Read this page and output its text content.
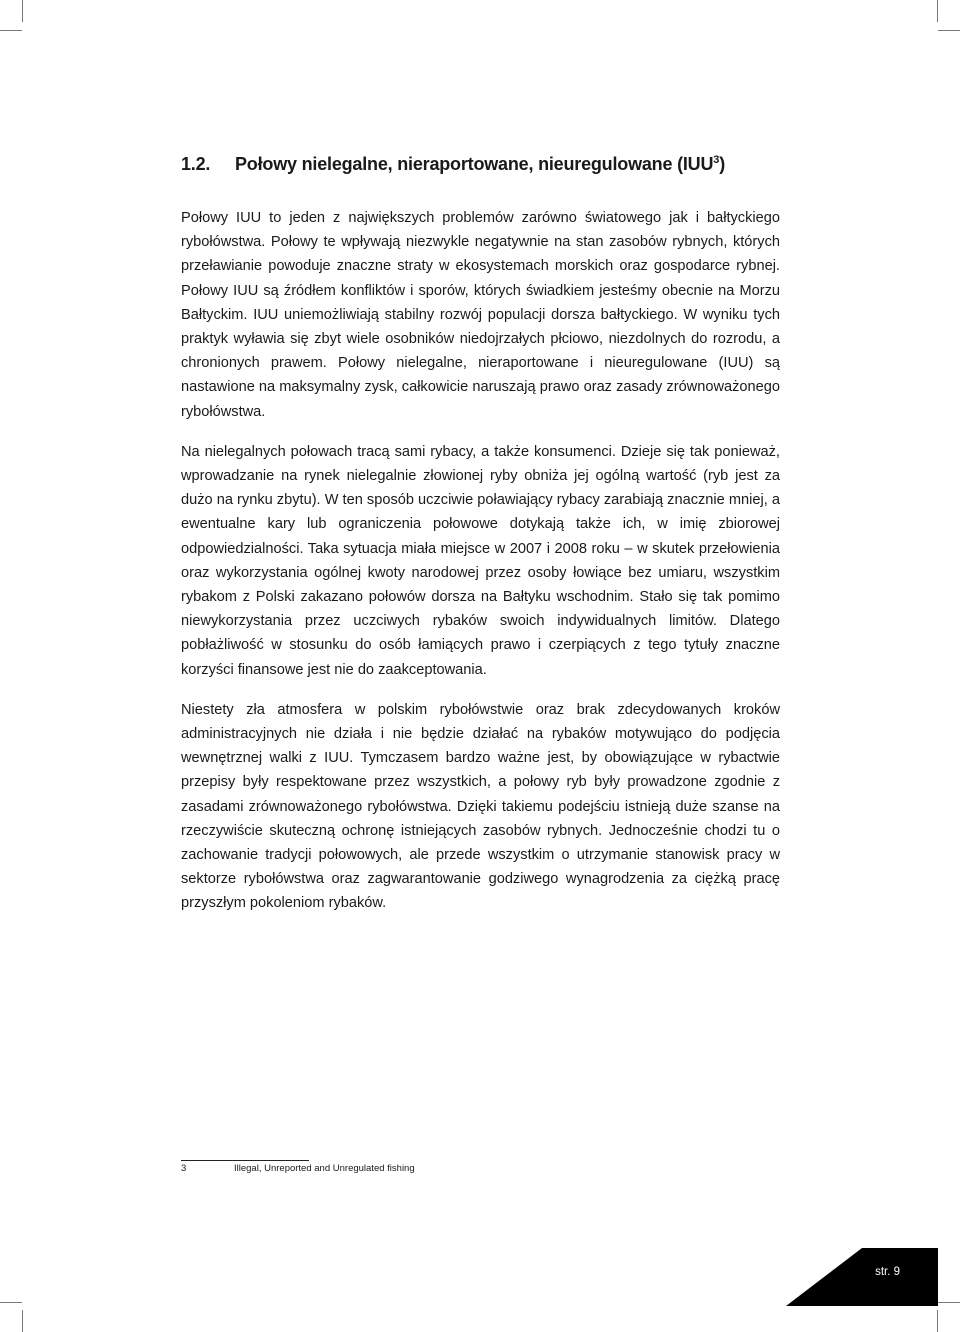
1.2. Połowy nielegalne, nieraportowane, nieuregulowane (IUU$^3$)

Połowy IUU to jeden z największych problemów zarówno światowego jak i bałtyckiego rybołówstwa. Połowy te wpływają niezwykle negatywnie na stan zasobów rybnych, których przeławianie powoduje znaczne straty w ekosystemach morskich oraz gospodarce rybnej. Połowy IUU są źródłem konfliktów i sporów, których świadkiem jesteśmy obecnie na Morzu Bałtyckim. IUU uniemożliwiają stabilny rozwój populacji dorsza bałtyckiego. W wyniku tych praktyk wyławia się zbyt wiele osobników niedojrzałych płciowo, niezdolnych do rozrodu, a chronionych prawem. Połowy nielegalne, nieraportowane i nieuregulowane (IUU) są nastawione na maksymalny zysk, całkowicie naruszają prawo oraz zasady zrównoważonego rybołówstwa.

Na nielegalnych połowach tracą sami rybacy, a także konsumenci. Dzieje się tak ponieważ, wprowadzanie na rynek nielegalnie złowionej ryby obniża jej ogólną wartość (ryb jest za dużo na rynku zbytu). W ten sposób uczciwie poławiający rybacy zarabiają znacznie mniej, a ewentualne kary lub ograniczenia połowowe dotykają także ich, w imię zbiorowej odpowiedzialności. Taka sytuacja miała miejsce w 2007 i 2008 roku – w skutek przełowienia oraz wykorzystania ogólnej kwoty narodowej przez osoby łowiące bez umiaru, wszystkim rybakom z Polski zakazano połowów dorsza na Bałtyku wschodnim. Stało się tak pomimo niewykorzystania przez uczciwych rybaków swoich indywidualnych limitów. Dlatego pobłażliwość w stosunku do osób łamiących prawo i czerpiących z tego tytuły znaczne korzyści finansowe jest nie do zaakceptowania.

Niestety zła atmosfera w polskim rybołówstwie oraz brak zdecydowanych kroków administracyjnych nie działa i nie będzie działać na rybaków motywująco do podjęcia wewnętrznej walki z IUU. Tymczasem bardzo ważne jest, by obowiązujące w rybactwie przepisy były respektowane przez wszystkich, a połowy ryb były prowadzone zgodnie z zasadami zrównoważonego rybołówstwa. Dzięki takiemu podejściu istnieją duże szanse na rzeczywiście skuteczną ochronę istniejących zasobów rybnych. Jednocześnie chodzi tu o zachowanie tradycji połowowych, ale przede wszystkim o utrzymanie stanowisk pracy w sektorze rybołówstwa oraz zagwarantowanie godziwego wynagrodzenia za ciężką pracę przyszłym pokoleniom rybaków.

3	Illegal, Unreported and Unregulated fishing
str. 9
